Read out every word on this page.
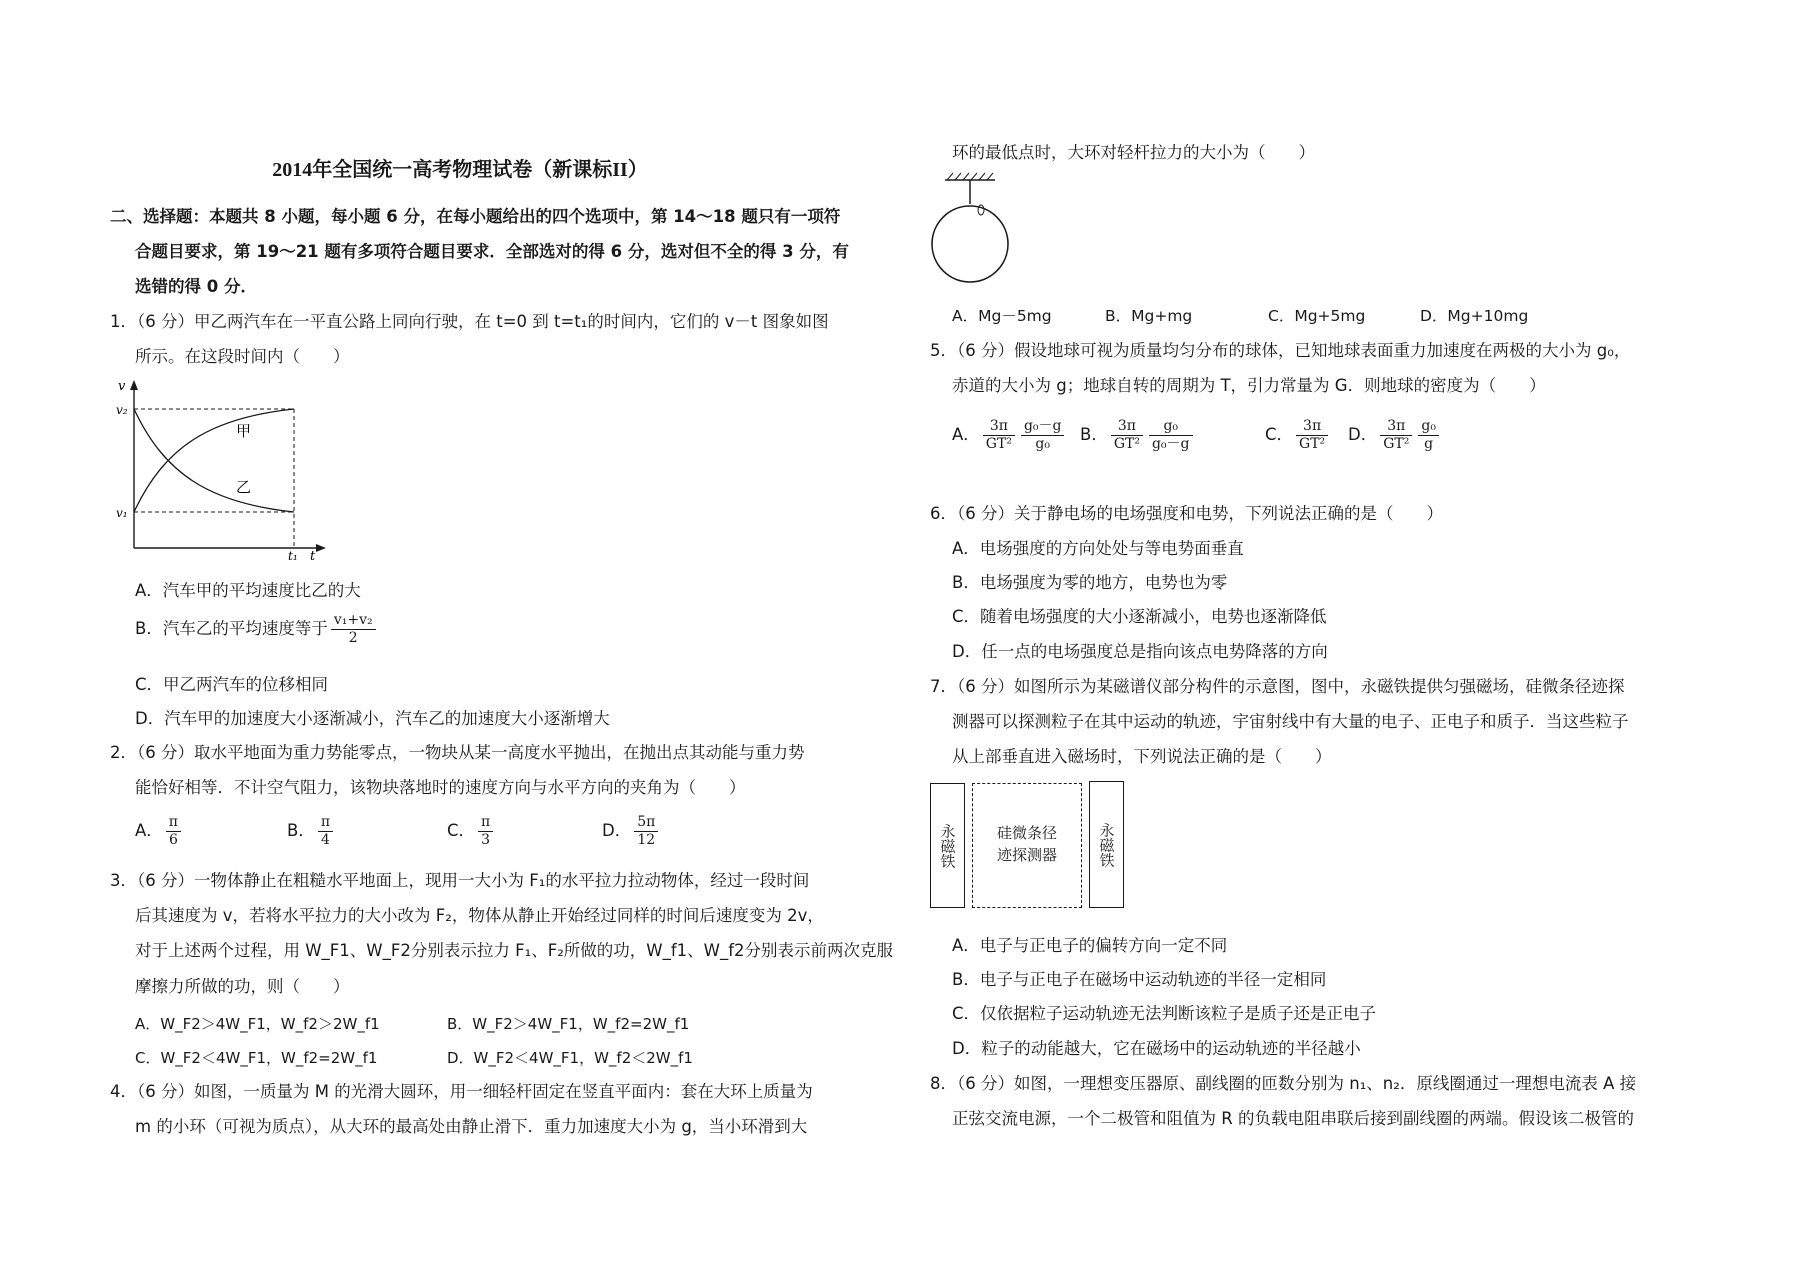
2014年全国统一高考物理试卷（新课标II）
二、选择题：本题共 8 小题，每小题 6 分，在每小题给出的四个选项中，第 14～18 题只有一项符
合题目要求，第 19～21 题有多项符合题目要求．全部选对的得 6 分，选对但不全的得 3 分，有
选错的得 0 分．
1．（6 分）甲乙两汽车在一平直公路上同向行驶，在 t=0 到 t=t₁的时间内，它们的 v－t 图象如图
所示。在这段时间内（　　）
v
v₂
v₁
t₁ t
甲
乙
A．汽车甲的平均速度比乙的大
B．汽车乙的平均速度等于 $\frac{\text{v₁+v₂}}{2}$
C．甲乙两汽车的位移相同
D．汽车甲的加速度大小逐渐减小，汽车乙的加速度大小逐渐增大
2．（6 分）取水平地面为重力势能零点，一物块从某一高度水平抛出，在抛出点其动能与重力势
能恰好相等．不计空气阻力，该物块落地时的速度方向与水平方向的夹角为（　　）
A． $\frac{\pi}{6}$	B． $\frac{\pi}{4}$	C． $\frac{\pi}{3}$	D． $\frac{5\pi}{12}$
3．（6 分）一物体静止在粗糙水平地面上，现用一大小为 F₁的水平拉力拉动物体，经过一段时间
后其速度为 v，若将水平拉力的大小改为 F₂，物体从静止开始经过同样的时间后速度变为 2v，
对于上述两个过程，用 W_F1、W_F2分别表示拉力 F₁、F₂所做的功，W_f1、W_f2分别表示前两次克服
摩擦力所做的功，则（　　）
A．W_F2＞4W_F1，W_f2＞2W_f1	B．W_F2＞4W_F1，W_f2=2W_f1
C．W_F2＜4W_F1，W_f2=2W_f1	D．W_F2＜4W_F1，W_f2＜2W_f1
4．（6 分）如图，一质量为 M 的光滑大圆环，用一细轻杆固定在竖直平面内：套在大环上质量为
m 的小环（可视为质点），从大环的最高处由静止滑下．重力加速度大小为 g，当小环滑到大
环的最低点时，大环对轻杆拉力的大小为（　　）
A．Mg－5mg	B．Mg+mg	C．Mg+5mg	D．Mg+10mg
5．（6 分）假设地球可视为质量均匀分布的球体，已知地球表面重力加速度在两极的大小为 g₀，
赤道的大小为 g；地球自转的周期为 T，引力常量为 G．则地球的密度为（　　）
A． $\frac{3\pi}{\text{GT²}} \frac{\text{g₀－g}}{\text{g₀}}$ B． $\frac{3\pi}{\text{GT²}} \frac{\text{g₀}}{\text{g₀－g}}$	C． $\frac{3\pi}{\text{GT²}}$ D． $\frac{3\pi}{\text{GT²}} \frac{\text{g₀}}{g}$
6．（6 分）关于静电场的电场强度和电势，下列说法正确的是（　　）
A．电场强度的方向处处与等电势面垂直
B．电场强度为零的地方，电势也为零
C．随着电场强度的大小逐渐减小，电势也逐渐降低
D．任一点的电场强度总是指向该点电势降落的方向
7．（6 分）如图所示为某磁谱仪部分构件的示意图，图中，永磁铁提供匀强磁场，硅微条径迹探
测器可以探测粒子在其中运动的轨迹，宇宙射线中有大量的电子、正电子和质子．当这些粒子
从上部垂直进入磁场时，下列说法正确的是（　　）
永磁铁	硅微条径
迹探测器	永磁铁
A．电子与正电子的偏转方向一定不同
B．电子与正电子在磁场中运动轨迹的半径一定相同
C．仅依据粒子运动轨迹无法判断该粒子是质子还是正电子
D．粒子的动能越大，它在磁场中的运动轨迹的半径越小
8．（6 分）如图，一理想变压器原、副线圈的匝数分别为 n₁、n₂．原线圈通过一理想电流表 A 接
正弦交流电源，一个二极管和阻值为 R 的负载电阻串联后接到副线圈的两端。假设该二极管的
